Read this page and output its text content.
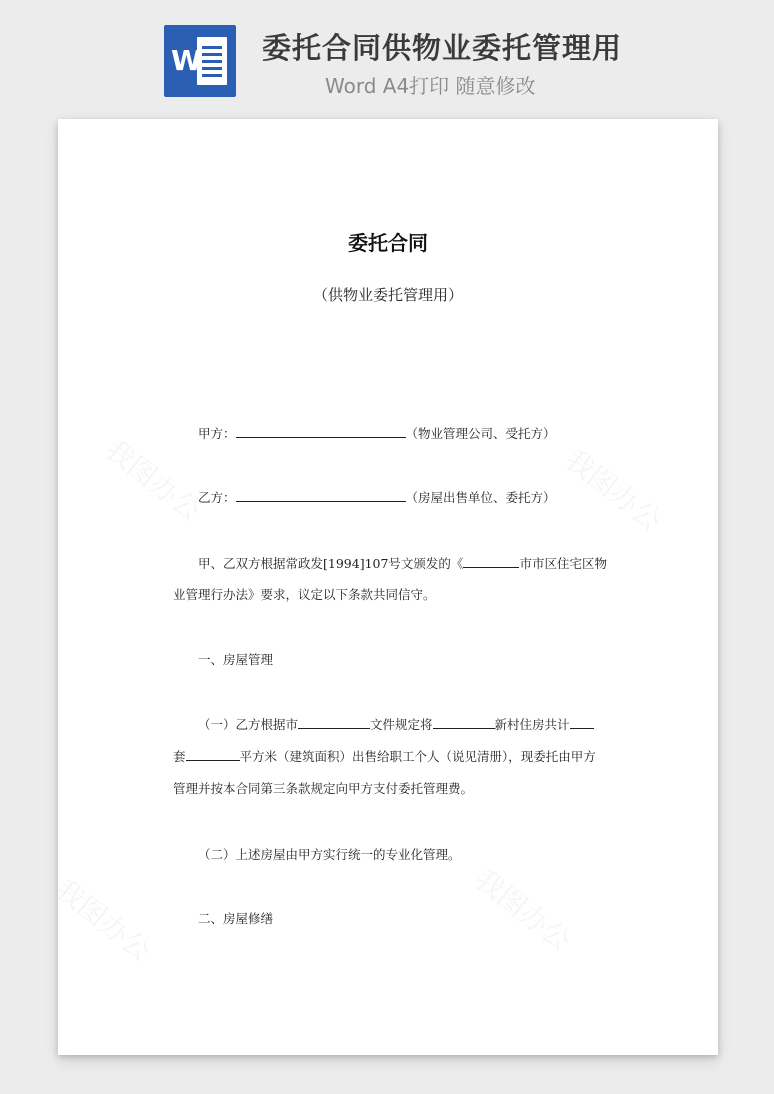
W 委托合同供物业委托管理用
Word A4打印 随意修改
委托合同
（供物业委托管理用）
甲方：	（物业管理公司、受托方）
乙方：	（房屋出售单位、委托方）
甲、乙双方根据常政发[1994]107号文颁发的《	市市区住宅区物
业管理行办法》要求，议定以下条款共同信守。
一、房屋管理
（一）乙方根据市	文件规定将	新村住房共计
套	平方米（建筑面积）出售给职工个人（说见清册），现委托由甲方
管理并按本合同第三条款规定向甲方支付委托管理费。
（二）上述房屋由甲方实行统一的专业化管理。
二、房屋修缮
